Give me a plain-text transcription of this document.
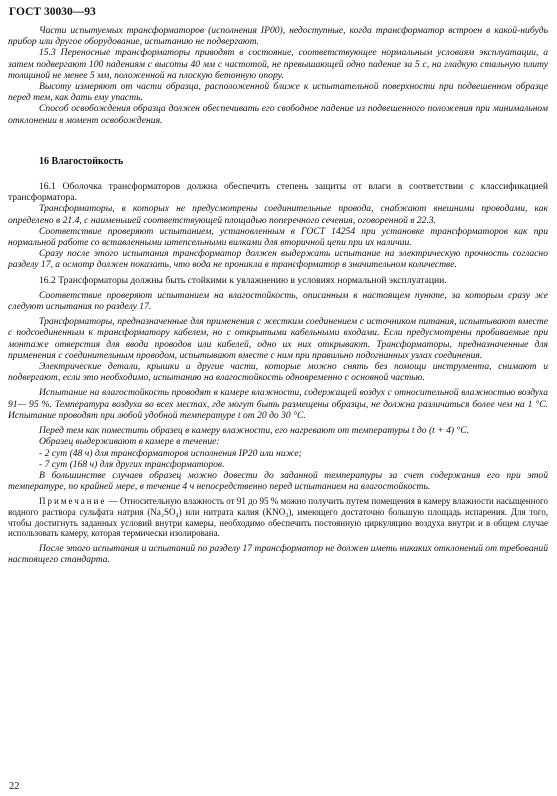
ГОСТ 30030—93

Части испытуемых трансформаторов (исполнения IP00), недоступные, когда трансформатор встроен в какой-нибудь прибор или другое оборудование, испытанию не подвергают.

15.3 Переносные трансформаторы приводят в состояние, соответствующее нормальным условиям эксплуатации, а затем подвергают 100 падениям с высоты 40 мм с частотой, не превышающей одно падение за 5 с, на гладкую стальную плиту толщиной не менее 5 мм, положенной на плоскую бетонную опору.

Высоту измеряют от части образца, расположенной ближе к испытательной поверхности при подвешенном образце перед тем, как дать ему упасть.

Способ освобождения образца должен обеспечивать его свободное падение из подвешенного положения при минимальном отклонении в момент освобождения.

16 Влагостойкость

16.1 Оболочка трансформаторов должна обеспечить степень защиты от влаги в соответствии с классификацией трансформатора.

Трансформаторы, в которых не предусмотрены соединительные провода, снабжают внешними проводами, как определено в 21.4, с наименьшей соответствующей площадью поперечного сечения, оговоренной в 22.3.

Соответствие проверяют испытанием, установленным в ГОСТ 14254 при установке трансформаторов как при нормальной работе со вставленными штепсельными вилками для вторичной цепи при их наличии.

Сразу после этого испытания трансформатор должен выдержать испытание на электрическую прочность согласно разделу 17, а осмотр должен показать, что вода не проникла в трансформатор в значительном количестве.

16.2 Трансформаторы должны быть стойкими к увлажнению в условиях нормальной эксплуатации.

Соответствие проверяют испытанием на влагостойкость, описанным в настоящем пункте, за которым сразу же следуют испытания по разделу 17.

Трансформаторы, предназначенные для применения с жестким соединением с источником питания, испытывают вместе с подсоединенным к трансформатору кабелем, но с открытыми кабельными входами. Если предусмотрены пробиваемые при монтаже отверстия для ввода проводов или кабелей, одно их них открывают. Трансформаторы, предназначенные для применения с соединительным проводом, испытывают вместе с ним при правильно подогнанных узлах соединения.

Электрические детали, крышки и другие части, которые можно снять без помощи инструмента, снимают и подвергают, если это необходимо, испытанию на влагостойкость одновременно с основной частью.

Испытание на влагостойкость проводят в камере влажности, содержащей воздух с относительной влажностью воздуха 91— 95 %. Температура воздуха во всех местах, где могут быть размещены образцы, не должна различаться более чем на 1 °С. Испытание проводят при любой удобной температуре t от 20 до 30 °С.

Перед тем как поместить образец в камеру влажности, его нагревают от температуры t до (t + 4) °С.

Образец выдерживают в камере в течение:

- 2 сут (48 ч) для трансформаторов исполнения IP20 или ниже;

- 7 сут (168 ч) для других трансформаторов.

В большинстве случаев образец можно довести до заданной температуры за счет содержания его при этой температуре, по крайней мере, в течение 4 ч непосредственно перед испытанием на влагостойкость.

Примечание — Относительную влажность от 91 до 95 % можно получить путем помещения в камеру влажности насыщенного водного раствора сульфата натрия (Na₂SO₄) или нитрата калия (KNO₃), имеющего достаточно большую площадь испарения. Для того, чтобы достигнуть заданных условий внутри камеры, необходимо обеспечить постоянную циркуляцию воздуха внутри и в общем случае использовать камеру, которая термически изолирована.

После этого испытания и испытаний по разделу 17 трансформатор не должен иметь никаких отклонений от требований настоящего стандарта.

22
